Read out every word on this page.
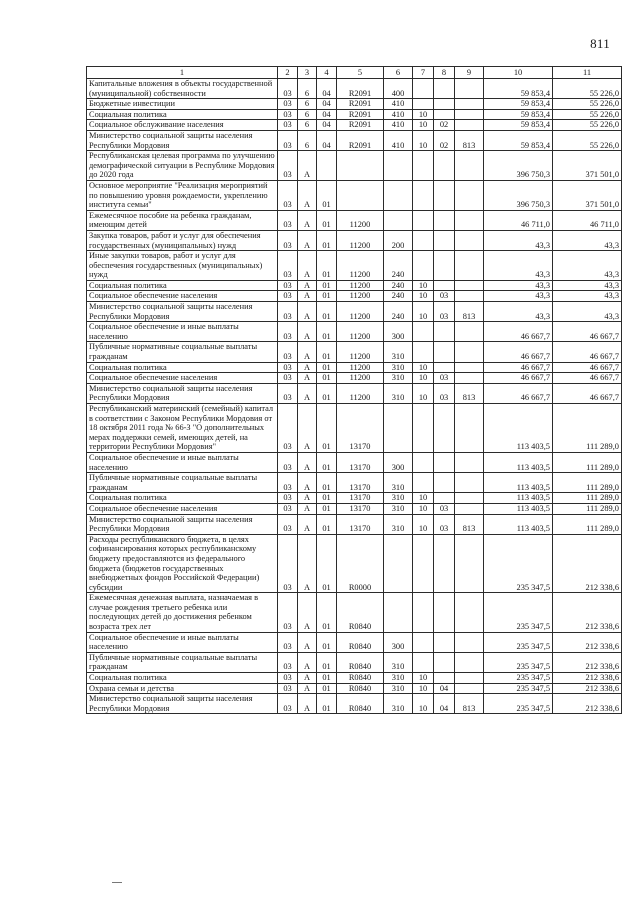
811
1	2	3	4	5	6	7	8	9	10	11
Капитальные вложения в объекты государственной (муниципальной) собственности	03	6	04	R2091	400				59 853,4	55 226,0
Бюджетные инвестиции	03	6	04	R2091	410				59 853,4	55 226,0
Социальная политика	03	6	04	R2091	410	10			59 853,4	55 226,0
Социальное обслуживание населения	03	6	04	R2091	410	10	02		59 853,4	55 226,0
Министерство социальной защиты населения Республики Мордовия	03	6	04	R2091	410	10	02	813	59 853,4	55 226,0
Республиканская целевая программа по улучшению демографической ситуации в Республике Мордовия до 2020 года	03	А							396 750,3	371 501,0
Основное мероприятие "Реализация мероприятий по повышению уровня рождаемости, укреплению института семьи"	03	А	01						396 750,3	371 501,0
Ежемесячное пособие на ребенка гражданам, имеющим детей	03	А	01	11200					46 711,0	46 711,0
Закупка товаров, работ и услуг для обеспечения государственных (муниципальных) нужд	03	А	01	11200	200				43,3	43,3
Иные закупки товаров, работ и услуг для обеспечения государственных (муниципальных) нужд	03	А	01	11200	240				43,3	43,3
Социальная политика	03	А	01	11200	240	10			43,3	43,3
Социальное обеспечение населения	03	А	01	11200	240	10	03		43,3	43,3
Министерство социальной защиты населения Республики Мордовия	03	А	01	11200	240	10	03	813	43,3	43,3
Социальное обеспечение и иные выплаты населению	03	А	01	11200	300				46 667,7	46 667,7
Публичные нормативные социальные выплаты гражданам	03	А	01	11200	310				46 667,7	46 667,7
Социальная политика	03	А	01	11200	310	10			46 667,7	46 667,7
Социальное обеспечение населения	03	А	01	11200	310	10	03		46 667,7	46 667,7
Министерство социальной защиты населения Республики Мордовия	03	А	01	11200	310	10	03	813	46 667,7	46 667,7
Республиканский материнский (семейный) капитал в соответствии с Законом Республики Мордовия от 18 октября 2011 года № 66-З "О дополнительных мерах поддержки семей, имеющих детей, на территории Республики Мордовия"	03	А	01	13170					113 403,5	111 289,0
Социальное обеспечение и иные выплаты населению	03	А	01	13170	300				113 403,5	111 289,0
Публичные нормативные социальные выплаты гражданам	03	А	01	13170	310				113 403,5	111 289,0
Социальная политика	03	А	01	13170	310	10			113 403,5	111 289,0
Социальное обеспечение населения	03	А	01	13170	310	10	03		113 403,5	111 289,0
Министерство социальной защиты населения Республики Мордовия	03	А	01	13170	310	10	03	813	113 403,5	111 289,0
Расходы республиканского бюджета, в целях софинансирования которых республиканскому бюджету предоставляются из федерального бюджета (бюджетов государственных внебюджетных фондов Российской Федерации) субсидии	03	А	01	R0000					235 347,5	212 338,6
Ежемесячная денежная выплата, назначаемая в случае рождения третьего ребенка или последующих детей до достижения ребенком возраста трех лет	03	А	01	R0840					235 347,5	212 338,6
Социальное обеспечение и иные выплаты населению	03	А	01	R0840	300				235 347,5	212 338,6
Публичные нормативные социальные выплаты гражданам	03	А	01	R0840	310				235 347,5	212 338,6
Социальная политика	03	А	01	R0840	310	10			235 347,5	212 338,6
Охрана семьи и детства	03	А	01	R0840	310	10	04		235 347,5	212 338,6
Министерство социальной защиты населения Республики Мордовия	03	А	01	R0840	310	10	04	813	235 347,5	212 338,6
